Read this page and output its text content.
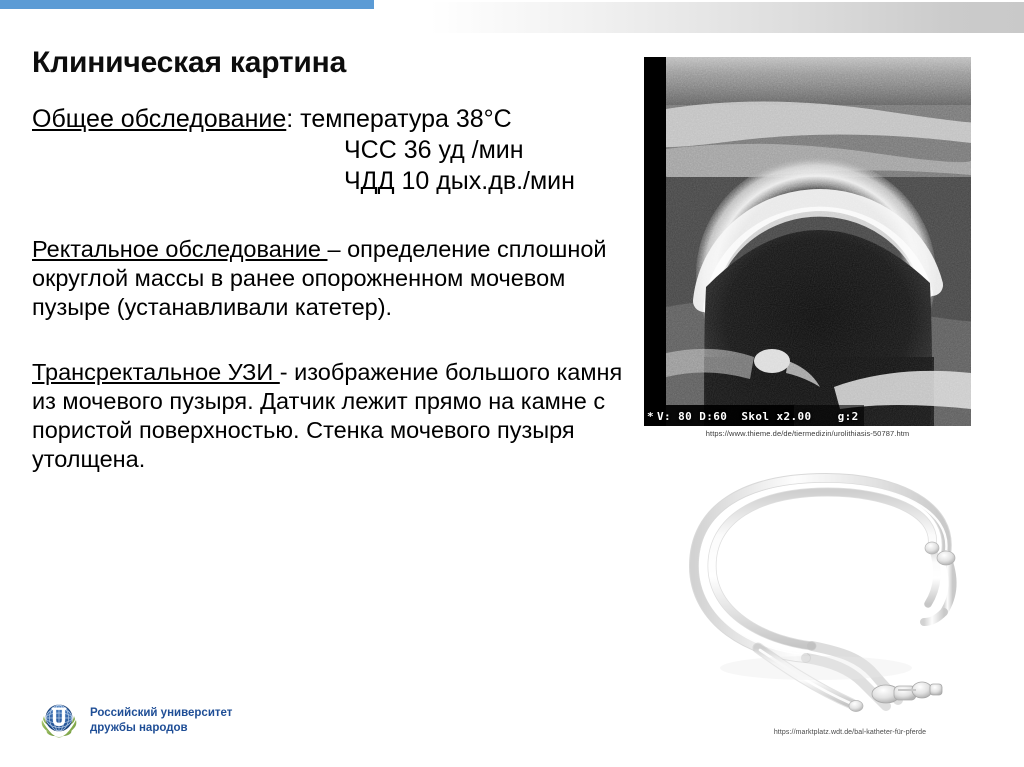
Клиническая картина

Общее обследование: температура 38°С
ЧСС 36 уд /мин
ЧДД 10 дых.дв./мин

Ректальное обследование – определение сплошной округлой массы в ранее опорожненном мочевом пузыре (устанавливали катетер).

Трансректальное УЗИ - изображение большого камня из мочевого пузыря. Датчик лежит прямо на камне с пористой поверхностью. Стенка мочевого пузыря утолщена.

* V: 80 D:60 Skol x2.00 g:2
https://www.thieme.de/de/tiermedizin/urolithiasis-50787.htm
https://marktplatz.wdt.de/bal-katheter-für-pferde
Российский университет
дружбы народов
